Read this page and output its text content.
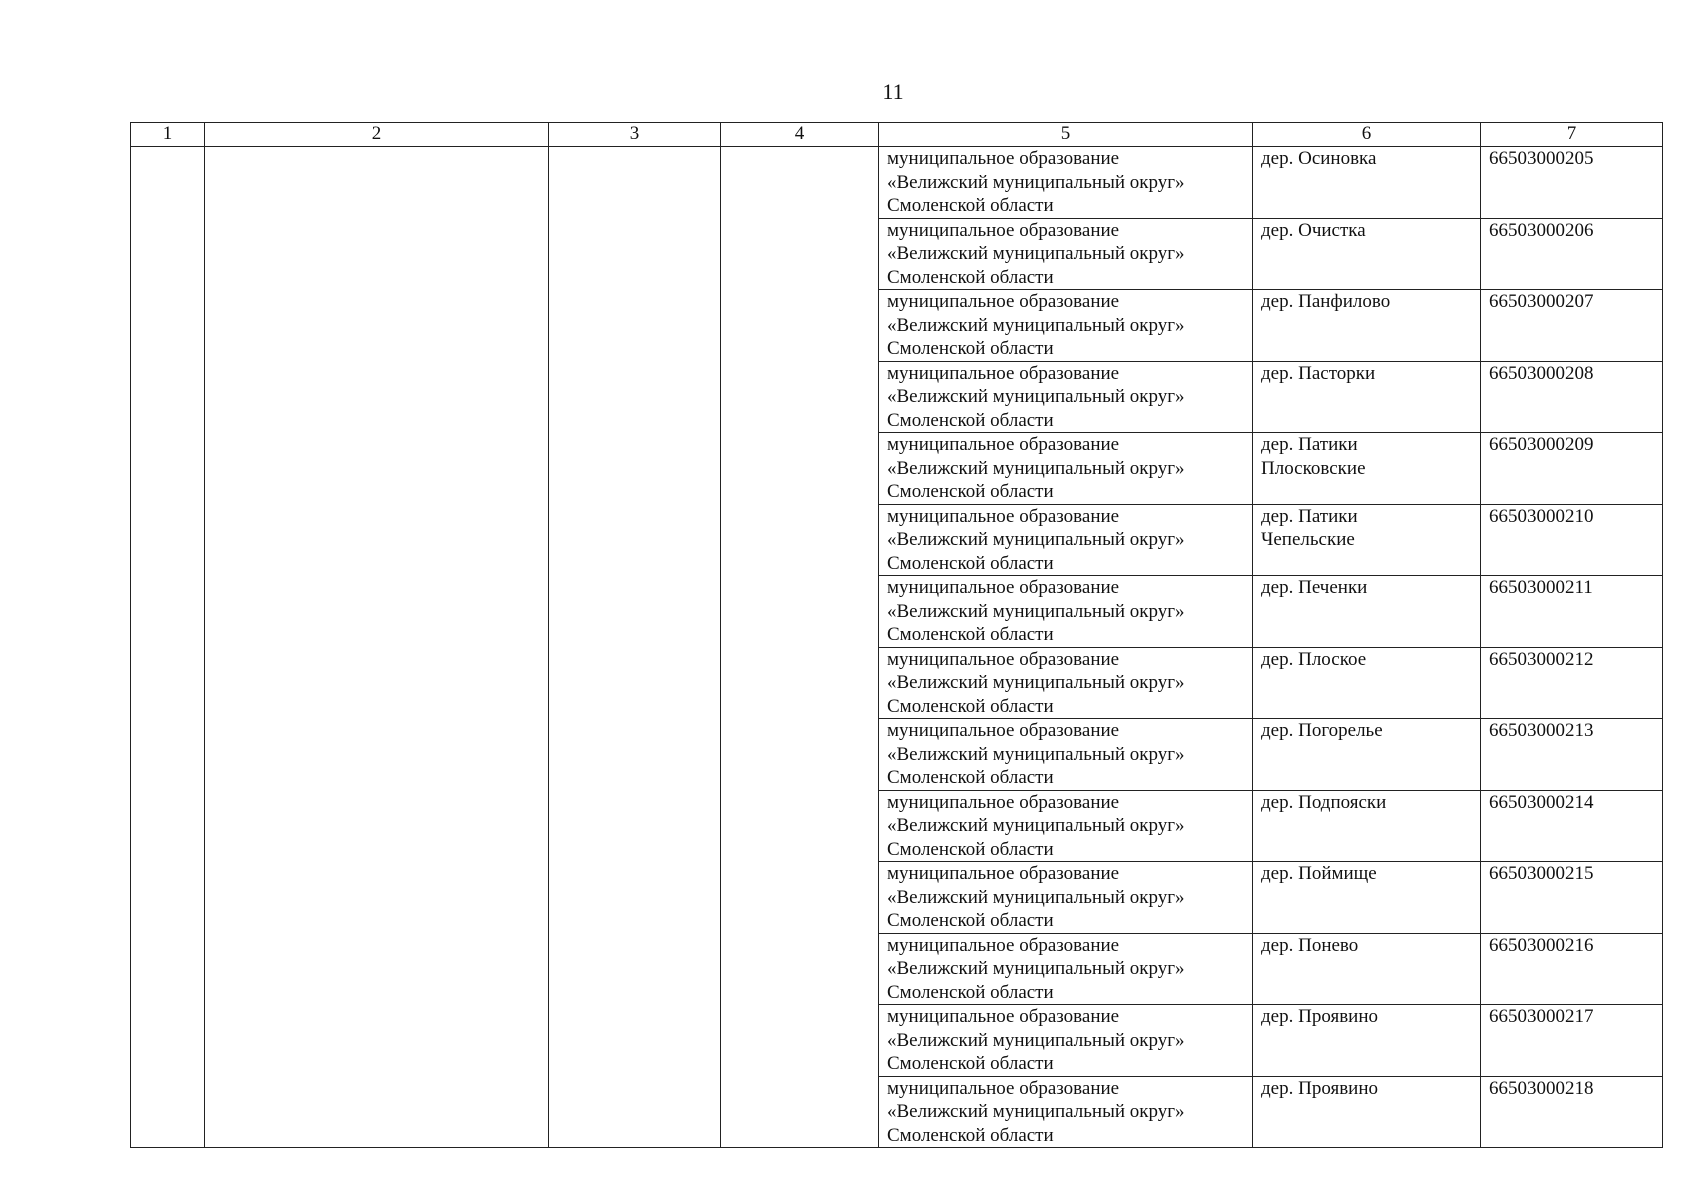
11
1	2	3	4	5	6	7

				муниципальное образование
«Велижский муниципальный округ»
Смоленской области	дер. Осиновка	66503000205

				муниципальное образование
«Велижский муниципальный округ»
Смоленской области	дер. Очистка	66503000206

				муниципальное образование
«Велижский муниципальный округ»
Смоленской области	дер. Панфилово	66503000207

				муниципальное образование
«Велижский муниципальный округ»
Смоленской области	дер. Пасторки	66503000208

				муниципальное образование
«Велижский муниципальный округ»
Смоленской области	дер. Патики
Плосковские	66503000209

				муниципальное образование
«Велижский муниципальный округ»
Смоленской области	дер. Патики
Чепельские	66503000210

				муниципальное образование
«Велижский муниципальный округ»
Смоленской области	дер. Печенки	66503000211

				муниципальное образование
«Велижский муниципальный округ»
Смоленской области	дер. Плоское	66503000212

				муниципальное образование
«Велижский муниципальный округ»
Смоленской области	дер. Погорелье	66503000213

				муниципальное образование
«Велижский муниципальный округ»
Смоленской области	дер. Подпояски	66503000214

				муниципальное образование
«Велижский муниципальный округ»
Смоленской области	дер. Поймище	66503000215

				муниципальное образование
«Велижский муниципальный округ»
Смоленской области	дер. Понево	66503000216

				муниципальное образование
«Велижский муниципальный округ»
Смоленской области	дер. Проявино	66503000217

				муниципальное образование
«Велижский муниципальный округ»
Смоленской области	дер. Проявино	66503000218
